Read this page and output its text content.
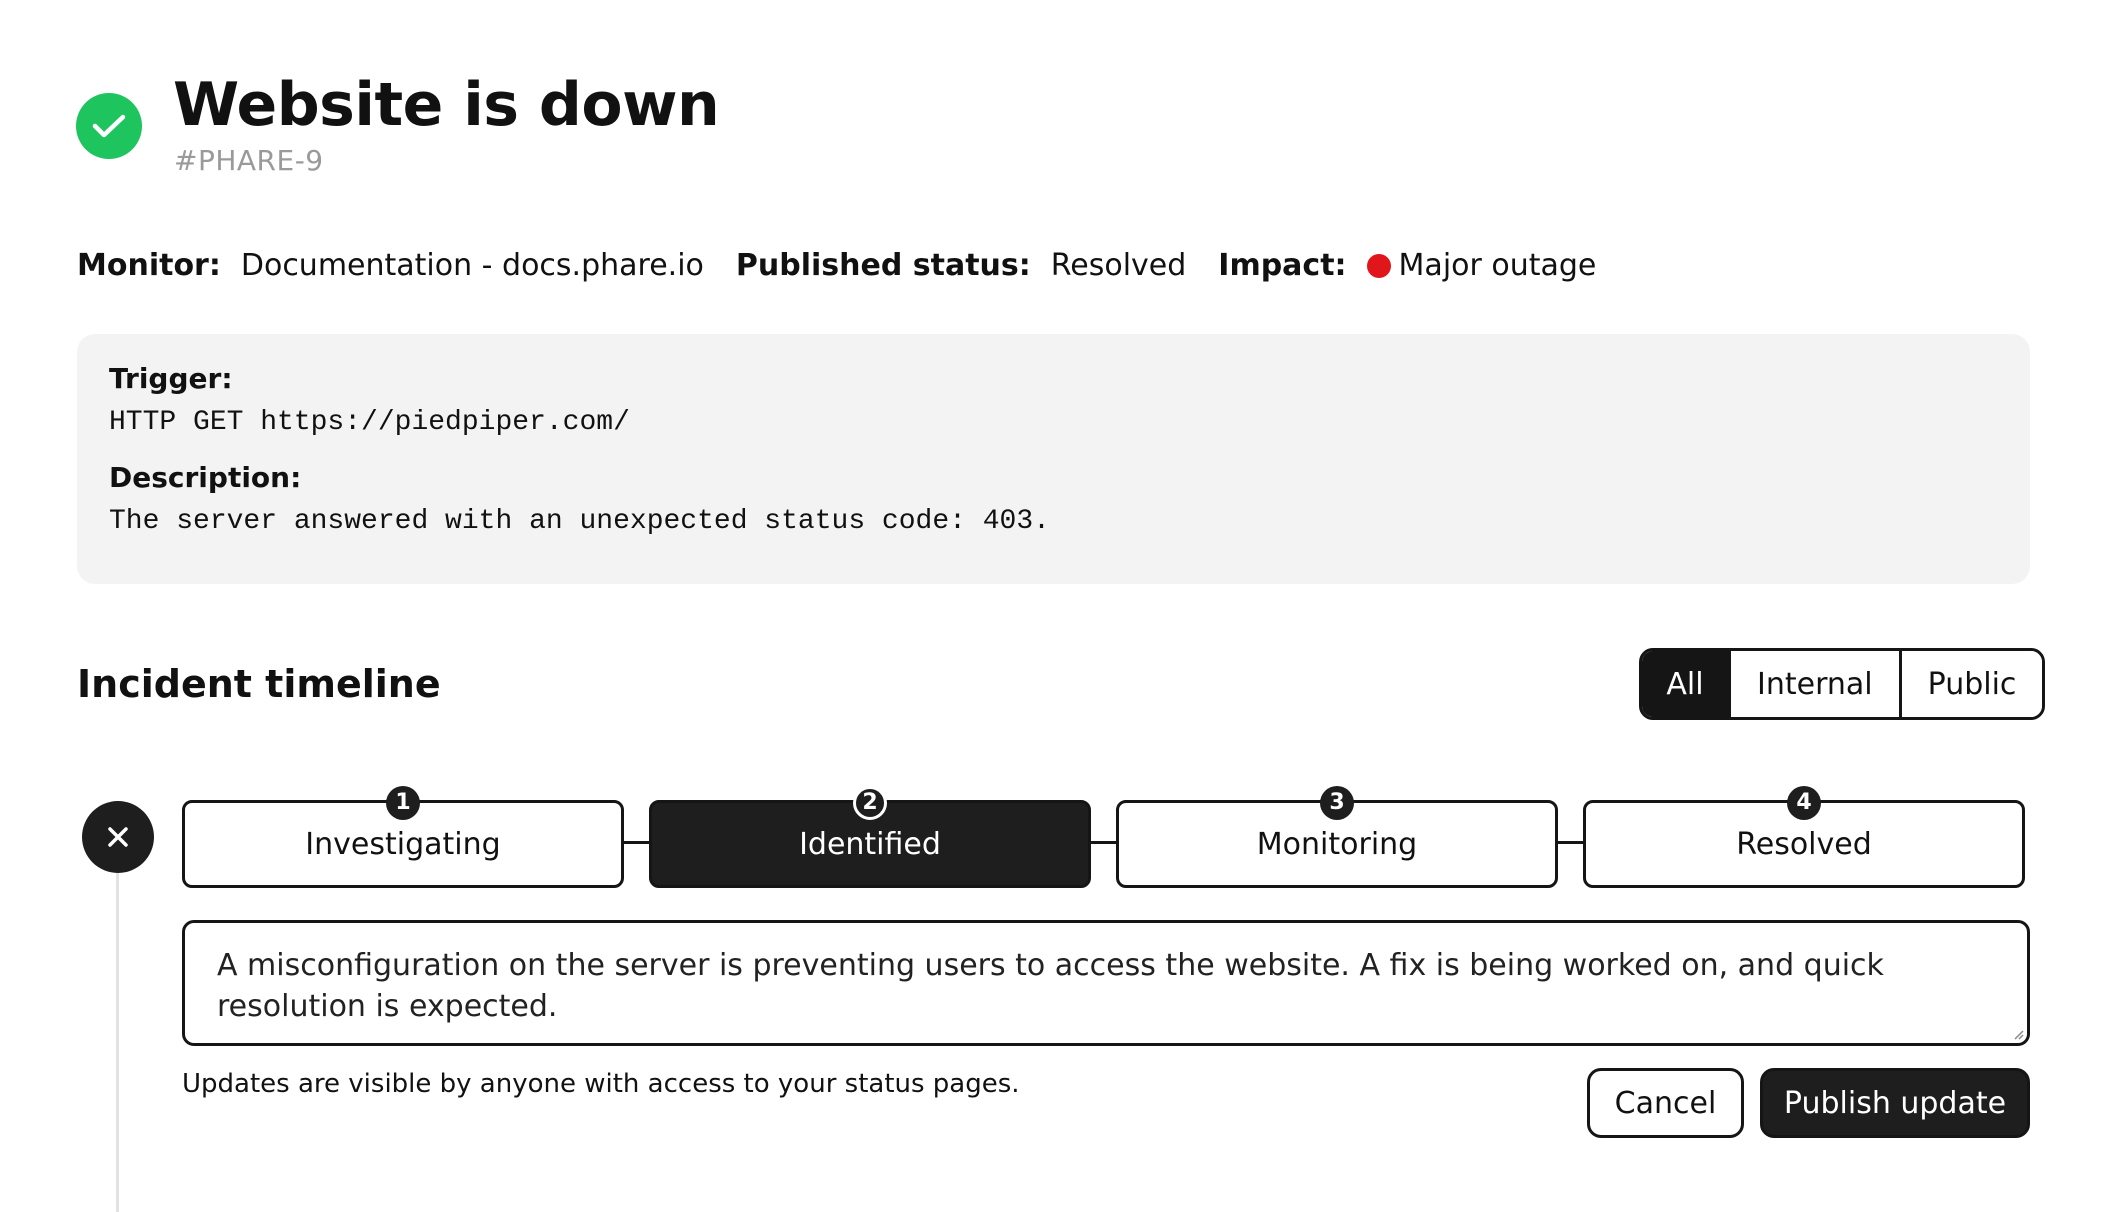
Website is down
#PHARE-9
Monitor: Documentation - docs.phare.io Published status: Resolved Impact: Major outage
Trigger:
HTTP GET https://piedpiper.com/
Description:
The server answered with an unexpected status code: 403.
Incident timeline	All	Internal	Public
1
Investigating
2
Identified
3
Monitoring
4
Resolved
A misconfiguration on the server is preventing users to access the website. A fix is being worked on, and quick resolution is expected.
Updates are visible by anyone with access to your status pages.
Cancel	Publish update
